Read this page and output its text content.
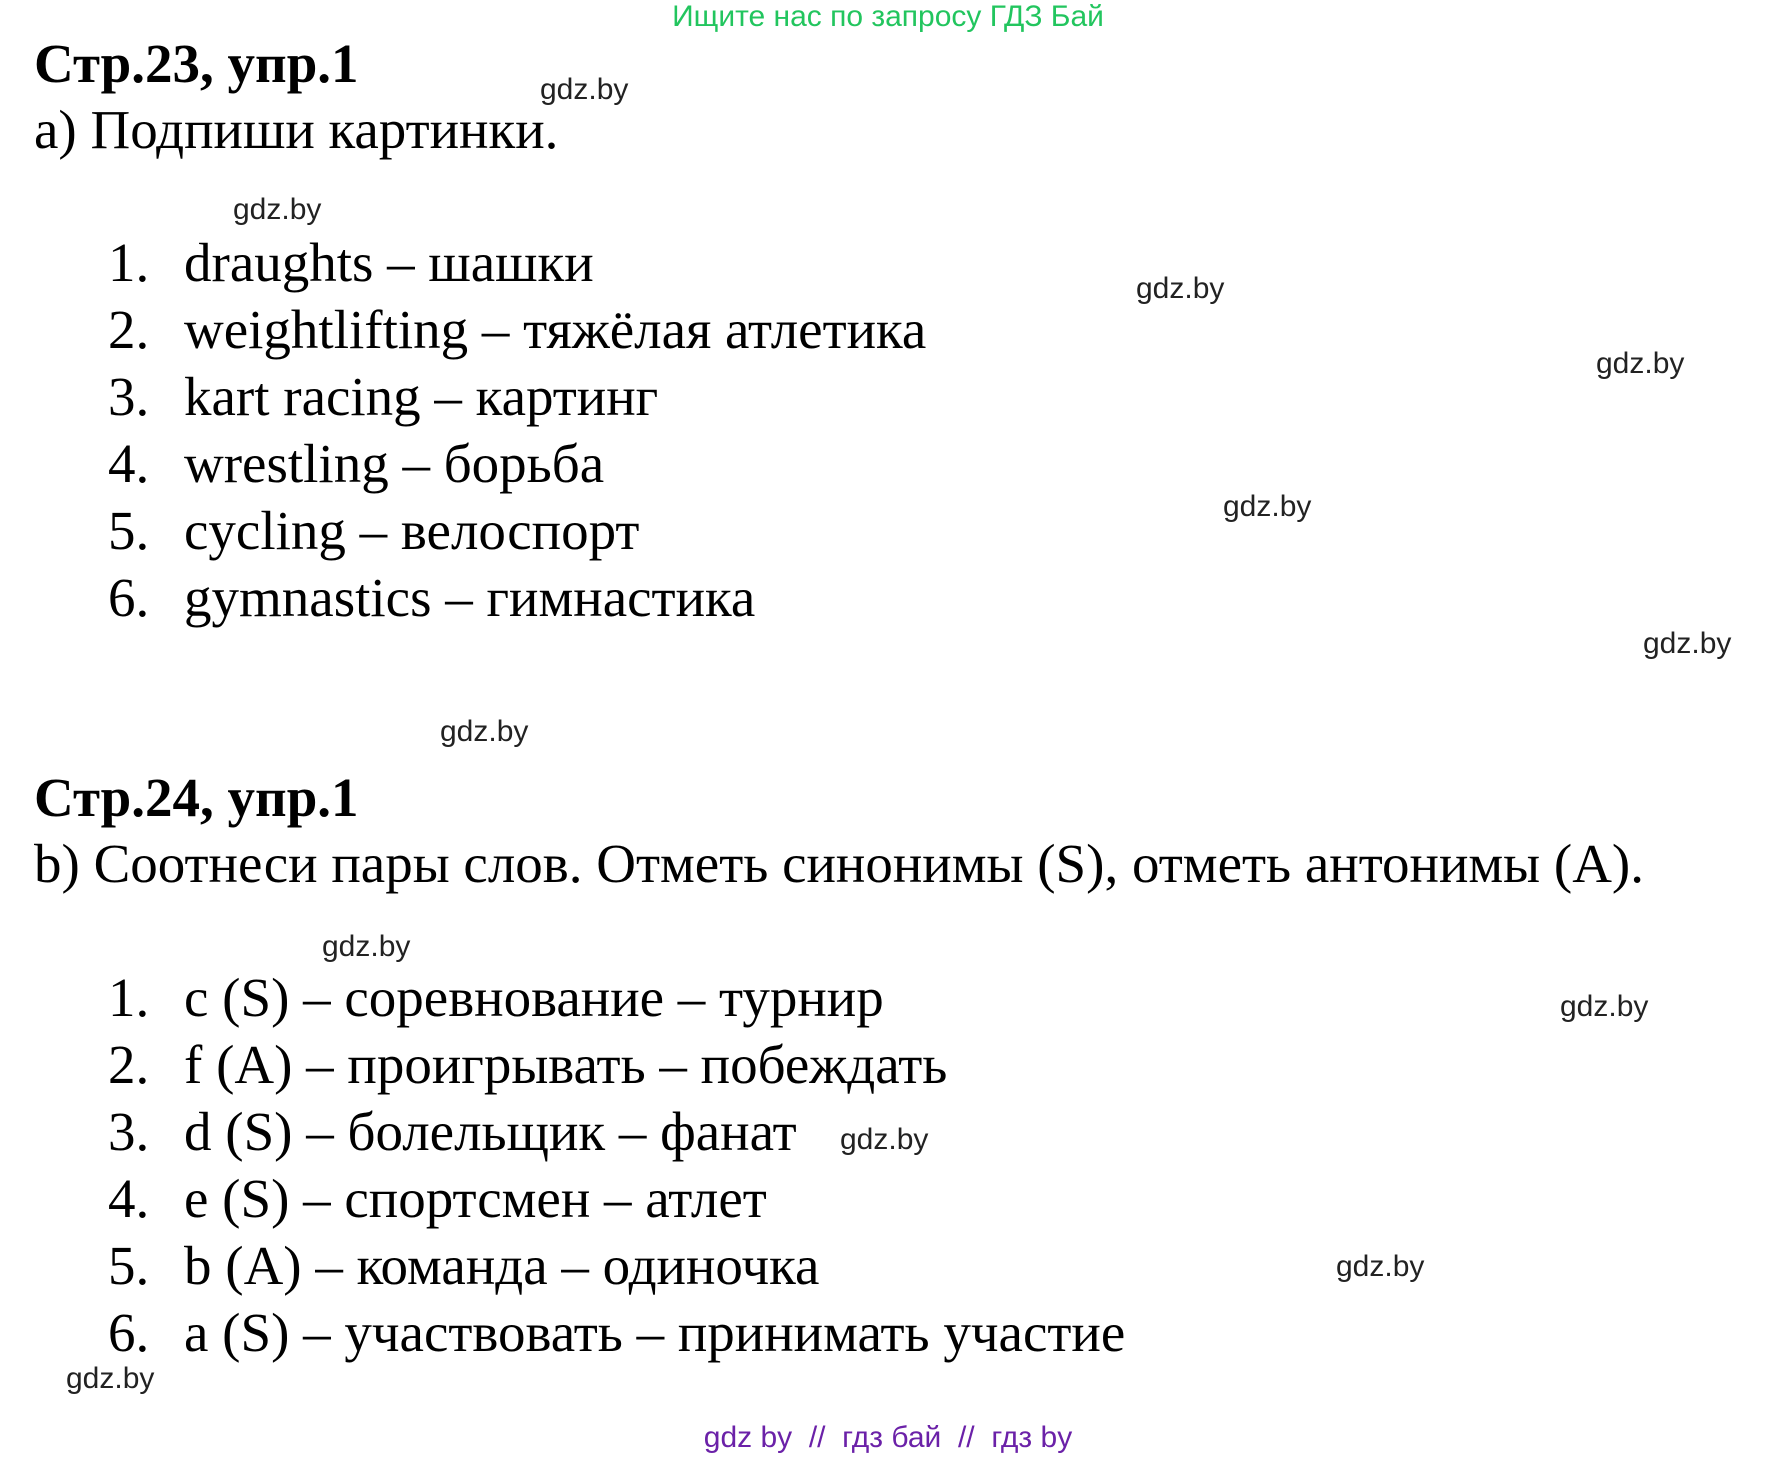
Ищите нас по запросу ГДЗ Бай
Стр.23, упр.1
a) Подпиши картинки.
1. draughts – шашки
2. weightlifting – тяжёлая атлетика
3. kart racing – картинг
4. wrestling – борьба
5. cycling – велоспорт
6. gymnastics – гимнастика
Стр.24, упр.1
b) Соотнеси пары слов. Отметь синонимы (S), отметь антонимы (A).
1. c (S) – соревнование – турнир
2. f (A) – проигрывать – побеждать
3. d (S) – болельщик – фанат
4. e (S) – спортсмен – атлет
5. b (A) – команда – одиночка
6. a (S) – участвовать – принимать участие
gdz.by
gdz.by
gdz.by
gdz.by
gdz.by
gdz.by
gdz.by
gdz.by
gdz.by
gdz.by
gdz.by
gdz.by
gdz by  //  гдз бай  //  гдз by
